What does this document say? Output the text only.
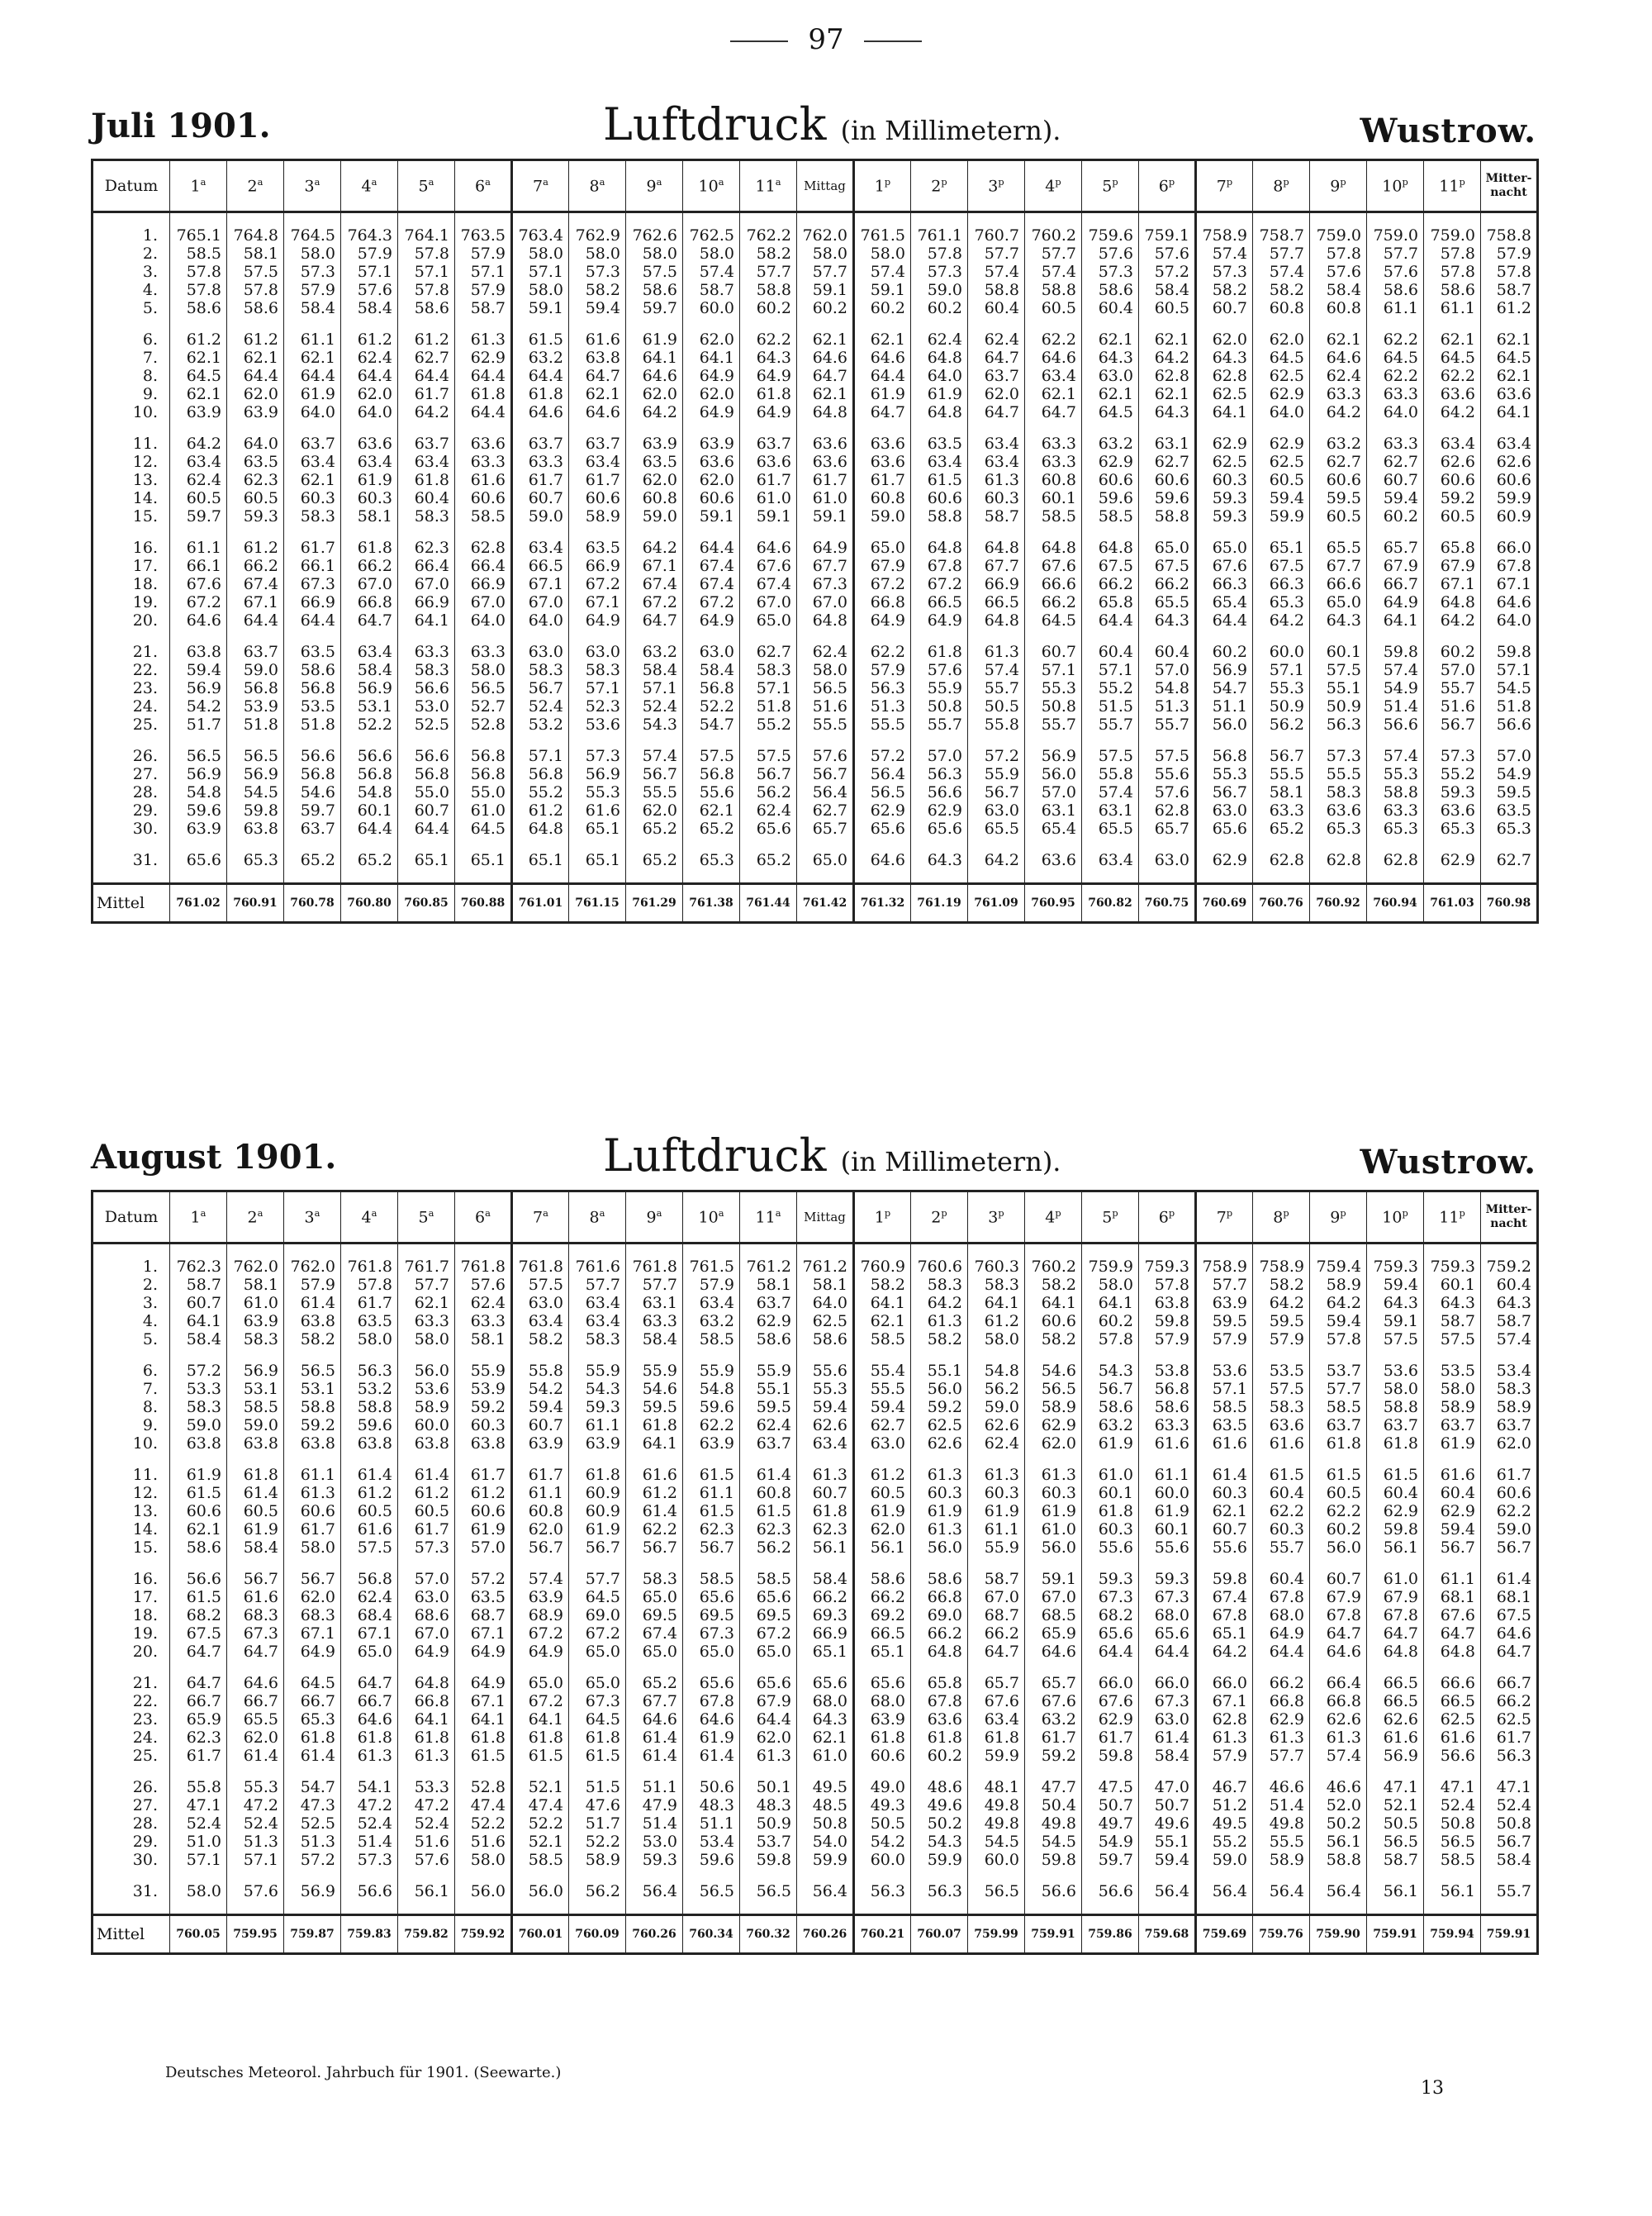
97
Juli 1901.	Luftdruck (in Millimetern).	Wustrow.
Datum	1$^a$	2$^a$	3$^a$	4$^a$	5$^a$	6$^a$	7$^a$	8$^a$	9$^a$	10$^a$	11$^a$	Mittag	1$^p$	2$^p$	3$^p$	4$^p$	5$^p$	6$^p$	7$^p$	8$^p$	9$^p$	10$^p$	11$^p$	Mitter-nacht

1.	765.1	764.8	764.5	764.3	764.1	763.5	763.4	762.9	762.6	762.5	762.2	762.0	761.5	761.1	760.7	760.2	759.6	759.1	758.9	758.7	759.0	759.0	759.0	758.8
2.	58.5	58.1	58.0	57.9	57.8	57.9	58.0	58.0	58.0	58.0	58.2	58.0	58.0	57.8	57.7	57.7	57.6	57.6	57.4	57.7	57.8	57.7	57.8	57.9
3.	57.8	57.5	57.3	57.1	57.1	57.1	57.1	57.3	57.5	57.4	57.7	57.7	57.4	57.3	57.4	57.4	57.3	57.2	57.3	57.4	57.6	57.6	57.8	57.8
4.	57.8	57.8	57.9	57.6	57.8	57.9	58.0	58.2	58.6	58.7	58.8	59.1	59.1	59.0	58.8	58.8	58.6	58.4	58.2	58.2	58.4	58.6	58.6	58.7
5.	58.6	58.6	58.4	58.4	58.6	58.7	59.1	59.4	59.7	60.0	60.2	60.2	60.2	60.2	60.4	60.5	60.4	60.5	60.7	60.8	60.8	61.1	61.1	61.2

6.	61.2	61.2	61.1	61.2	61.2	61.3	61.5	61.6	61.9	62.0	62.2	62.1	62.1	62.4	62.4	62.2	62.1	62.1	62.0	62.0	62.1	62.2	62.1	62.1
7.	62.1	62.1	62.1	62.4	62.7	62.9	63.2	63.8	64.1	64.1	64.3	64.6	64.6	64.8	64.7	64.6	64.3	64.2	64.3	64.5	64.6	64.5	64.5	64.5
8.	64.5	64.4	64.4	64.4	64.4	64.4	64.4	64.7	64.6	64.9	64.9	64.7	64.4	64.0	63.7	63.4	63.0	62.8	62.8	62.5	62.4	62.2	62.2	62.1
9.	62.1	62.0	61.9	62.0	61.7	61.8	61.8	62.1	62.0	62.0	61.8	62.1	61.9	61.9	62.0	62.1	62.1	62.1	62.5	62.9	63.3	63.3	63.6	63.6
10.	63.9	63.9	64.0	64.0	64.2	64.4	64.6	64.6	64.2	64.9	64.9	64.8	64.7	64.8	64.7	64.7	64.5	64.3	64.1	64.0	64.2	64.0	64.2	64.1

11.	64.2	64.0	63.7	63.6	63.7	63.6	63.7	63.7	63.9	63.9	63.7	63.6	63.6	63.5	63.4	63.3	63.2	63.1	62.9	62.9	63.2	63.3	63.4	63.4
12.	63.4	63.5	63.4	63.4	63.4	63.3	63.3	63.4	63.5	63.6	63.6	63.6	63.6	63.4	63.4	63.3	62.9	62.7	62.5	62.5	62.7	62.7	62.6	62.6
13.	62.4	62.3	62.1	61.9	61.8	61.6	61.7	61.7	62.0	62.0	61.7	61.7	61.7	61.5	61.3	60.8	60.6	60.6	60.3	60.5	60.6	60.7	60.6	60.6
14.	60.5	60.5	60.3	60.3	60.4	60.6	60.7	60.6	60.8	60.6	61.0	61.0	60.8	60.6	60.3	60.1	59.6	59.6	59.3	59.4	59.5	59.4	59.2	59.9
15.	59.7	59.3	58.3	58.1	58.3	58.5	59.0	58.9	59.0	59.1	59.1	59.1	59.0	58.8	58.7	58.5	58.5	58.8	59.3	59.9	60.5	60.2	60.5	60.9

16.	61.1	61.2	61.7	61.8	62.3	62.8	63.4	63.5	64.2	64.4	64.6	64.9	65.0	64.8	64.8	64.8	64.8	65.0	65.0	65.1	65.5	65.7	65.8	66.0
17.	66.1	66.2	66.1	66.2	66.4	66.4	66.5	66.9	67.1	67.4	67.6	67.7	67.9	67.8	67.7	67.6	67.5	67.5	67.6	67.5	67.7	67.9	67.9	67.8
18.	67.6	67.4	67.3	67.0	67.0	66.9	67.1	67.2	67.4	67.4	67.4	67.3	67.2	67.2	66.9	66.6	66.2	66.2	66.3	66.3	66.6	66.7	67.1	67.1
19.	67.2	67.1	66.9	66.8	66.9	67.0	67.0	67.1	67.2	67.2	67.0	67.0	66.8	66.5	66.5	66.2	65.8	65.5	65.4	65.3	65.0	64.9	64.8	64.6
20.	64.6	64.4	64.4	64.7	64.1	64.0	64.0	64.9	64.7	64.9	65.0	64.8	64.9	64.9	64.8	64.5	64.4	64.3	64.4	64.2	64.3	64.1	64.2	64.0

21.	63.8	63.7	63.5	63.4	63.3	63.3	63.0	63.0	63.2	63.0	62.7	62.4	62.2	61.8	61.3	60.7	60.4	60.4	60.2	60.0	60.1	59.8	60.2	59.8
22.	59.4	59.0	58.6	58.4	58.3	58.0	58.3	58.3	58.4	58.4	58.3	58.0	57.9	57.6	57.4	57.1	57.1	57.0	56.9	57.1	57.5	57.4	57.0	57.1
23.	56.9	56.8	56.8	56.9	56.6	56.5	56.7	57.1	57.1	56.8	57.1	56.5	56.3	55.9	55.7	55.3	55.2	54.8	54.7	55.3	55.1	54.9	55.7	54.5
24.	54.2	53.9	53.5	53.1	53.0	52.7	52.4	52.3	52.4	52.2	51.8	51.6	51.3	50.8	50.5	50.8	51.5	51.3	51.1	50.9	50.9	51.4	51.6	51.8
25.	51.7	51.8	51.8	52.2	52.5	52.8	53.2	53.6	54.3	54.7	55.2	55.5	55.5	55.7	55.8	55.7	55.7	55.7	56.0	56.2	56.3	56.6	56.7	56.6

26.	56.5	56.5	56.6	56.6	56.6	56.8	57.1	57.3	57.4	57.5	57.5	57.6	57.2	57.0	57.2	56.9	57.5	57.5	56.8	56.7	57.3	57.4	57.3	57.0
27.	56.9	56.9	56.8	56.8	56.8	56.8	56.8	56.9	56.7	56.8	56.7	56.7	56.4	56.3	55.9	56.0	55.8	55.6	55.3	55.5	55.5	55.3	55.2	54.9
28.	54.8	54.5	54.6	54.8	55.0	55.0	55.2	55.3	55.5	55.6	56.2	56.4	56.5	56.6	56.7	57.0	57.4	57.6	56.7	58.1	58.3	58.8	59.3	59.5
29.	59.6	59.8	59.7	60.1	60.7	61.0	61.2	61.6	62.0	62.1	62.4	62.7	62.9	62.9	63.0	63.1	63.1	62.8	63.0	63.3	63.6	63.3	63.6	63.5
30.	63.9	63.8	63.7	64.4	64.4	64.5	64.8	65.1	65.2	65.2	65.6	65.7	65.6	65.6	65.5	65.4	65.5	65.7	65.6	65.2	65.3	65.3	65.3	65.3

31.	65.6	65.3	65.2	65.2	65.1	65.1	65.1	65.1	65.2	65.3	65.2	65.0	64.6	64.3	64.2	63.6	63.4	63.0	62.9	62.8	62.8	62.8	62.9	62.7

Mittel	761.02	760.91	760.78	760.80	760.85	760.88	761.01	761.15	761.29	761.38	761.44	761.42	761.32	761.19	761.09	760.95	760.82	760.75	760.69	760.76	760.92	760.94	761.03	760.98
August 1901.	Luftdruck (in Millimetern).	Wustrow.
Datum	1$^a$	2$^a$	3$^a$	4$^a$	5$^a$	6$^a$	7$^a$	8$^a$	9$^a$	10$^a$	11$^a$	Mittag	1$^p$	2$^p$	3$^p$	4$^p$	5$^p$	6$^p$	7$^p$	8$^p$	9$^p$	10$^p$	11$^p$	Mitter-nacht

1.	762.3	762.0	762.0	761.8	761.7	761.8	761.8	761.6	761.8	761.5	761.2	761.2	760.9	760.6	760.3	760.2	759.9	759.3	758.9	758.9	759.4	759.3	759.3	759.2
2.	58.7	58.1	57.9	57.8	57.7	57.6	57.5	57.7	57.7	57.9	58.1	58.1	58.2	58.3	58.3	58.2	58.0	57.8	57.7	58.2	58.9	59.4	60.1	60.4
3.	60.7	61.0	61.4	61.7	62.1	62.4	63.0	63.4	63.1	63.4	63.7	64.0	64.1	64.2	64.1	64.1	64.1	63.8	63.9	64.2	64.2	64.3	64.3	64.3
4.	64.1	63.9	63.8	63.5	63.3	63.3	63.4	63.4	63.3	63.2	62.9	62.5	62.1	61.3	61.2	60.6	60.2	59.8	59.5	59.5	59.4	59.1	58.7	58.7
5.	58.4	58.3	58.2	58.0	58.0	58.1	58.2	58.3	58.4	58.5	58.6	58.6	58.5	58.2	58.0	58.2	57.8	57.9	57.9	57.9	57.8	57.5	57.5	57.4

6.	57.2	56.9	56.5	56.3	56.0	55.9	55.8	55.9	55.9	55.9	55.9	55.6	55.4	55.1	54.8	54.6	54.3	53.8	53.6	53.5	53.7	53.6	53.5	53.4
7.	53.3	53.1	53.1	53.2	53.6	53.9	54.2	54.3	54.6	54.8	55.1	55.3	55.5	56.0	56.2	56.5	56.7	56.8	57.1	57.5	57.7	58.0	58.0	58.3
8.	58.3	58.5	58.8	58.8	58.9	59.2	59.4	59.3	59.5	59.6	59.5	59.4	59.4	59.2	59.0	58.9	58.6	58.6	58.5	58.3	58.5	58.8	58.9	58.9
9.	59.0	59.0	59.2	59.6	60.0	60.3	60.7	61.1	61.8	62.2	62.4	62.6	62.7	62.5	62.6	62.9	63.2	63.3	63.5	63.6	63.7	63.7	63.7	63.7
10.	63.8	63.8	63.8	63.8	63.8	63.8	63.9	63.9	64.1	63.9	63.7	63.4	63.0	62.6	62.4	62.0	61.9	61.6	61.6	61.6	61.8	61.8	61.9	62.0

11.	61.9	61.8	61.1	61.4	61.4	61.7	61.7	61.8	61.6	61.5	61.4	61.3	61.2	61.3	61.3	61.3	61.0	61.1	61.4	61.5	61.5	61.5	61.6	61.7
12.	61.5	61.4	61.3	61.2	61.2	61.2	61.1	60.9	61.2	61.1	60.8	60.7	60.5	60.3	60.3	60.3	60.1	60.0	60.3	60.4	60.5	60.4	60.4	60.6
13.	60.6	60.5	60.6	60.5	60.5	60.6	60.8	60.9	61.4	61.5	61.5	61.8	61.9	61.9	61.9	61.9	61.8	61.9	62.1	62.2	62.2	62.9	62.9	62.2
14.	62.1	61.9	61.7	61.6	61.7	61.9	62.0	61.9	62.2	62.3	62.3	62.3	62.0	61.3	61.1	61.0	60.3	60.1	60.7	60.3	60.2	59.8	59.4	59.0
15.	58.6	58.4	58.0	57.5	57.3	57.0	56.7	56.7	56.7	56.7	56.2	56.1	56.1	56.0	55.9	56.0	55.6	55.6	55.6	55.7	56.0	56.1	56.7	56.7

16.	56.6	56.7	56.7	56.8	57.0	57.2	57.4	57.7	58.3	58.5	58.5	58.4	58.6	58.6	58.7	59.1	59.3	59.3	59.8	60.4	60.7	61.0	61.1	61.4
17.	61.5	61.6	62.0	62.4	63.0	63.5	63.9	64.5	65.0	65.6	65.6	66.2	66.2	66.8	67.0	67.0	67.3	67.3	67.4	67.8	67.9	67.9	68.1	68.1
18.	68.2	68.3	68.3	68.4	68.6	68.7	68.9	69.0	69.5	69.5	69.5	69.3	69.2	69.0	68.7	68.5	68.2	68.0	67.8	68.0	67.8	67.8	67.6	67.5
19.	67.5	67.3	67.1	67.1	67.0	67.1	67.2	67.2	67.4	67.3	67.2	66.9	66.5	66.2	66.2	65.9	65.6	65.6	65.1	64.9	64.7	64.7	64.7	64.6
20.	64.7	64.7	64.9	65.0	64.9	64.9	64.9	65.0	65.0	65.0	65.0	65.1	65.1	64.8	64.7	64.6	64.4	64.4	64.2	64.4	64.6	64.8	64.8	64.7

21.	64.7	64.6	64.5	64.7	64.8	64.9	65.0	65.0	65.2	65.6	65.6	65.6	65.6	65.8	65.7	65.7	66.0	66.0	66.0	66.2	66.4	66.5	66.6	66.7
22.	66.7	66.7	66.7	66.7	66.8	67.1	67.2	67.3	67.7	67.8	67.9	68.0	68.0	67.8	67.6	67.6	67.6	67.3	67.1	66.8	66.8	66.5	66.5	66.2
23.	65.9	65.5	65.3	64.6	64.1	64.1	64.1	64.5	64.6	64.6	64.4	64.3	63.9	63.6	63.4	63.2	62.9	63.0	62.8	62.9	62.6	62.6	62.5	62.5
24.	62.3	62.0	61.8	61.8	61.8	61.8	61.8	61.8	61.4	61.9	62.0	62.1	61.8	61.8	61.8	61.7	61.7	61.4	61.3	61.3	61.3	61.6	61.6	61.7
25.	61.7	61.4	61.4	61.3	61.3	61.5	61.5	61.5	61.4	61.4	61.3	61.0	60.6	60.2	59.9	59.2	59.8	58.4	57.9	57.7	57.4	56.9	56.6	56.3

26.	55.8	55.3	54.7	54.1	53.3	52.8	52.1	51.5	51.1	50.6	50.1	49.5	49.0	48.6	48.1	47.7	47.5	47.0	46.7	46.6	46.6	47.1	47.1	47.1
27.	47.1	47.2	47.3	47.2	47.2	47.4	47.4	47.6	47.9	48.3	48.3	48.5	49.3	49.6	49.8	50.4	50.7	50.7	51.2	51.4	52.0	52.1	52.4	52.4
28.	52.4	52.4	52.5	52.4	52.4	52.2	52.2	51.7	51.4	51.1	50.9	50.8	50.5	50.2	49.8	49.8	49.7	49.6	49.5	49.8	50.2	50.5	50.8	50.8
29.	51.0	51.3	51.3	51.4	51.6	51.6	52.1	52.2	53.0	53.4	53.7	54.0	54.2	54.3	54.5	54.5	54.9	55.1	55.2	55.5	56.1	56.5	56.5	56.7
30.	57.1	57.1	57.2	57.3	57.6	58.0	58.5	58.9	59.3	59.6	59.8	59.9	60.0	59.9	60.0	59.8	59.7	59.4	59.0	58.9	58.8	58.7	58.5	58.4

31.	58.0	57.6	56.9	56.6	56.1	56.0	56.0	56.2	56.4	56.5	56.5	56.4	56.3	56.3	56.5	56.6	56.6	56.4	56.4	56.4	56.4	56.1	56.1	55.7

Mittel	760.05	759.95	759.87	759.83	759.82	759.92	760.01	760.09	760.26	760.34	760.32	760.26	760.21	760.07	759.99	759.91	759.86	759.68	759.69	759.76	759.90	759.91	759.94	759.91
Deutsches Meteorol. Jahrbuch für 1901. (Seewarte.)
13
